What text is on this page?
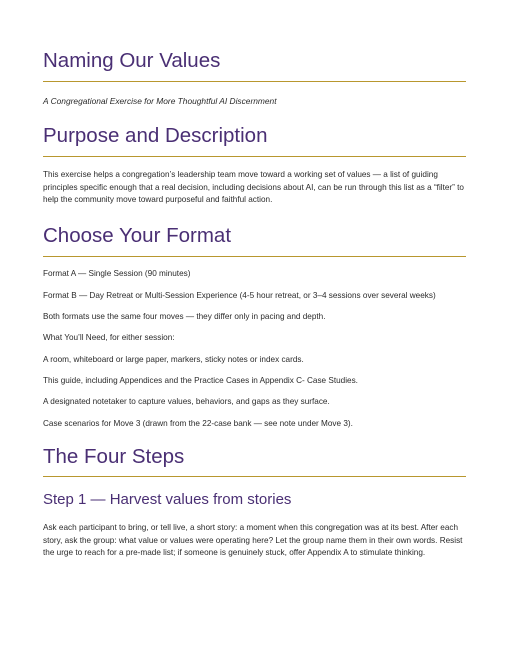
Naming Our Values
A Congregational Exercise for More Thoughtful AI Discernment
Purpose and Description

This exercise helps a congregation’s leadership team move toward a working set of values — a list of guiding principles specific enough that a real decision, including decisions about AI, can be run through this list as a “filter” to help the community move toward purposeful and faithful action.

Choose Your Format
Format A — Single Session (90 minutes)
Format B — Day Retreat or Multi-Session Experience (4-5 hour retreat, or 3–4 sessions over several weeks)
Both formats use the same four moves — they differ only in pacing and depth.
What You’ll Need, for either session:
A room, whiteboard or large paper, markers, sticky notes or index cards.
This guide, including Appendices and the Practice Cases in Appendix C- Case Studies.
A designated notetaker to capture values, behaviors, and gaps as they surface.
Case scenarios for Move 3 (drawn from the 22-case bank — see note under Move 3).
The Four Steps
Step 1 — Harvest values from stories

Ask each participant to bring, or tell live, a short story: a moment when this congregation was at its best. After each story, ask the group: what value or values were operating here? Let the group name them in their own words. Resist the urge to reach for a pre-made list; if someone is genuinely stuck, offer Appendix A to stimulate thinking.
